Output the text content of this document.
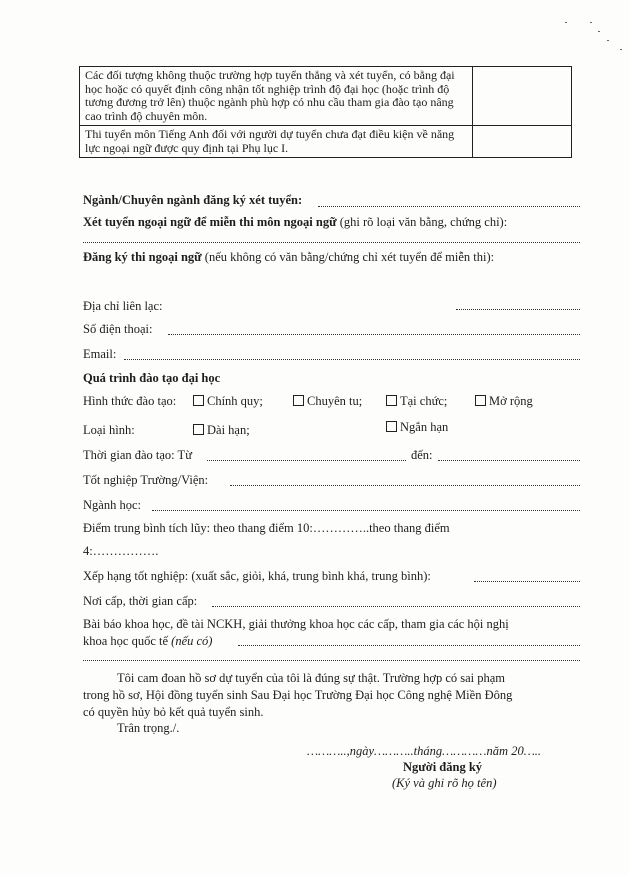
Các đối tượng không thuộc trường hợp tuyển thẳng và xét tuyển, có bằng đại học hoặc có quyết định công nhận tốt nghiệp trình độ đại học (hoặc trình độ tương đương trở lên) thuộc ngành phù hợp có nhu cầu tham gia đào tạo nâng cao trình độ chuyên môn.	
Thi tuyển môn Tiếng Anh đối với người dự tuyển chưa đạt điều kiện về năng lực ngoại ngữ được quy định tại Phụ lục I.	
Ngành/Chuyên ngành đăng ký xét tuyển:
Xét tuyển ngoại ngữ để miễn thi môn ngoại ngữ (ghi rõ loại văn bằng, chứng chỉ):
Đăng ký thi ngoại ngữ (nếu không có văn bằng/chứng chỉ xét tuyển để miễn thi):
Địa chỉ liên lạc:
Số điện thoại:
Email:
Quá trình đào tạo đại học
Hình thức đào tạo:	Chính quy;	Chuyên tu;	Tại chức;	Mở rộng
Loại hình:	Dài hạn;	Ngắn hạn
Thời gian đào tạo: Từ	đến:
Tốt nghiệp Trường/Viện:
Ngành học:
Điểm trung bình tích lũy: theo thang điểm 10:…………..theo thang điểm
4:…………….
Xếp hạng tốt nghiệp: (xuất sắc, giỏi, khá, trung bình khá, trung bình):
Nơi cấp, thời gian cấp:
Bài báo khoa học, đề tài NCKH, giải thưởng khoa học các cấp, tham gia các hội nghị
khoa học quốc tế (nếu có)
Tôi cam đoan hồ sơ dự tuyển của tôi là đúng sự thật. Trường hợp có sai phạm
trong hồ sơ, Hội đồng tuyển sinh Sau Đại học Trường Đại học Công nghệ Miền Đông
có quyền hủy bỏ kết quả tuyển sinh.
Trân trọng./.
………..,ngày………..tháng…………năm 20…..
Người đăng ký
(Ký và ghi rõ họ tên)
